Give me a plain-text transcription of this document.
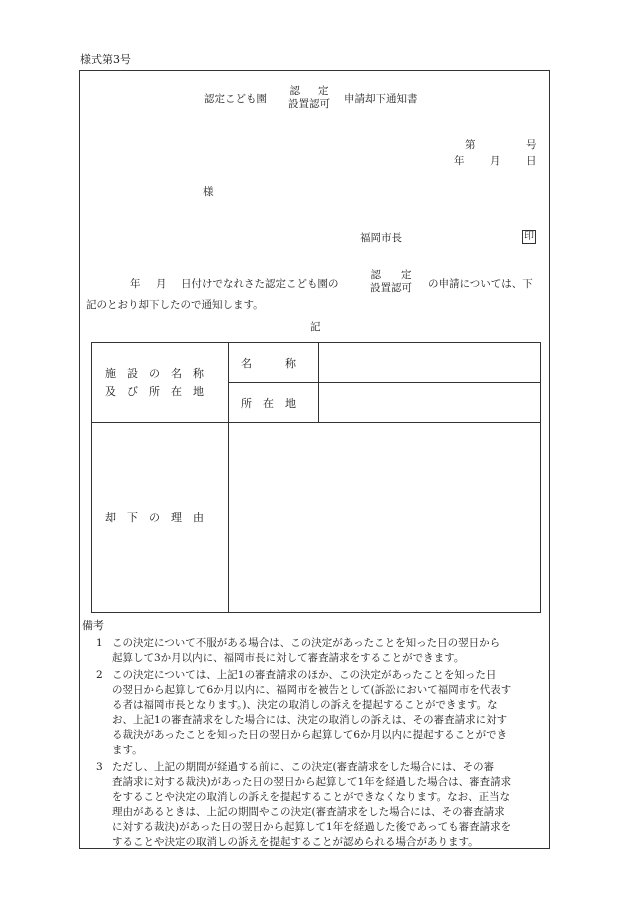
様式第3号
認定こども園
認 定
設置認可	申請却下通知書
第	号
年 月 日
様
福岡市長	印
年 月 日付けでなれさた認定こども園の
認 定
設置認可	の申請については、下
記のとおり却下したので通知します。
記
施　設　の　名　称
及　び　所　在　地	名　　　称	
	所　在　地	
却　下　の　理　由		
備考
1 この決定について不服がある場合は、この決定があったことを知った日の翌日から
起算して3か月以内に、福岡市長に対して審査請求をすることができます。
2 この決定については、上記1の審査請求のほか、この決定があったことを知った日
の翌日から起算して6か月以内に、福岡市を被告として(訴訟において福岡市を代表す
る者は福岡市長となります。)、決定の取消しの訴えを提起することができます。な
お、上記1の審査請求をした場合には、決定の取消しの訴えは、その審査請求に対す
る裁決があったことを知った日の翌日から起算して6か月以内に提起することができ
ます。
3 ただし、上記の期間が経過する前に、この決定(審査請求をした場合には、その審
査請求に対する裁決)があった日の翌日から起算して1年を経過した場合は、審査請求
をすることや決定の取消しの訴えを提起することができなくなります。なお、正当な
理由があるときは、上記の期間やこの決定(審査請求をした場合には、その審査請求
に対する裁決)があった日の翌日から起算して1年を経過した後であっても審査請求を
することや決定の取消しの訴えを提起することが認められる場合があります。
